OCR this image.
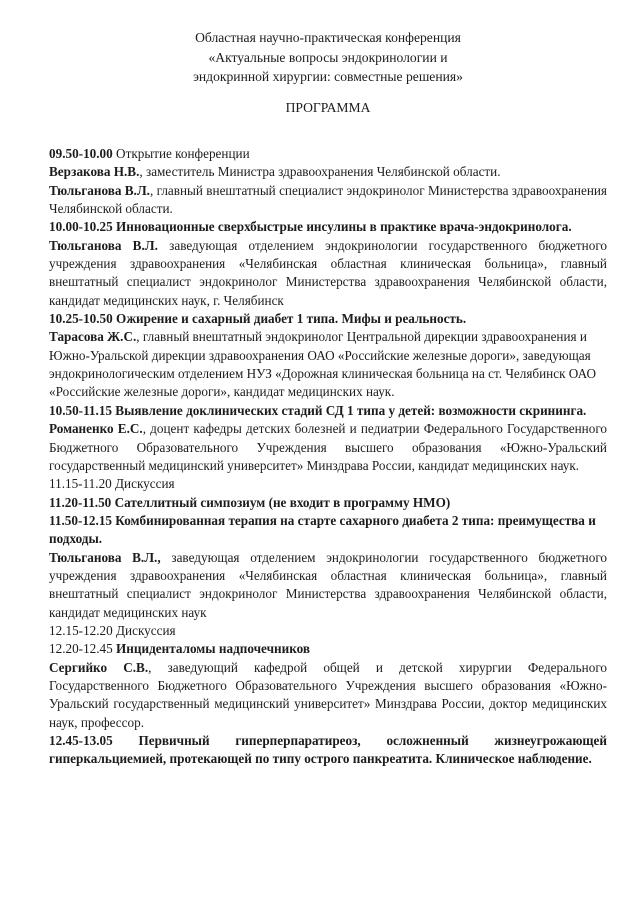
Областная научно-практическая конференция
«Актуальные вопросы эндокринологии и
эндокринной хирургии: совместные решения»

ПРОГРАММА

09.50-10.00 Открытие конференции

Верзакова Н.В., заместитель Министра здравоохранения Челябинской области.

Тюльганова В.Л., главный внештатный специалист эндокринолог Министерства здравоохранения Челябинской области.

10.00-10.25 Инновационные сверхбыстрые инсулины в практике врача-эндокринолога.

Тюльганова В.Л. заведующая отделением эндокринологии государственного бюджетного учреждения здравоохранения «Челябинская областная клиническая больница», главный внештатный специалист эндокринолог Министерства здравоохранения Челябинской области, кандидат медицинских наук, г. Челябинск

10.25-10.50 Ожирение и сахарный диабет 1 типа. Мифы и реальность.

Тарасова Ж.С., главный внештатный эндокринолог Центральной дирекции здравоохранения и Южно-Уральской дирекции здравоохранения ОАО «Российские железные дороги», заведующая эндокринологическим отделением НУЗ «Дорожная клиническая больница на ст. Челябинск ОАО «Российские железные дороги», кандидат медицинских наук.

10.50-11.15 Выявление доклинических стадий СД 1 типа у детей: возможности скрининга.

Романенко Е.С., доцент кафедры детских болезней и педиатрии Федерального Государственного Бюджетного Образовательного Учреждения высшего образования «Южно-Уральский государственный медицинский университет» Минздрава России, кандидат медицинских наук.

11.15-11.20 Дискуссия

11.20-11.50 Сателлитный симпозиум (не входит в программу НМО)

11.50-12.15 Комбинированная терапия на старте сахарного диабета 2 типа: преимущества и подходы.

Тюльганова В.Л., заведующая отделением эндокринологии государственного бюджетного учреждения здравоохранения «Челябинская областная клиническая больница», главный внештатный специалист эндокринолог Министерства здравоохранения Челябинской области, кандидат медицинских наук

12.15-12.20 Дискуссия

12.20-12.45 Инциденталомы надпочечников

Сергийко С.В., заведующий кафедрой общей и детской хирургии Федерального Государственного Бюджетного Образовательного Учреждения высшего образования «Южно-Уральский государственный медицинский университет» Минздрава России, доктор медицинских наук, профессор.

12.45-13.05 Первичный гиперперпаратиреоз, осложненный жизнеугрожающей гиперкальциемией, протекающей по типу острого панкреатита. Клиническое наблюдение.
